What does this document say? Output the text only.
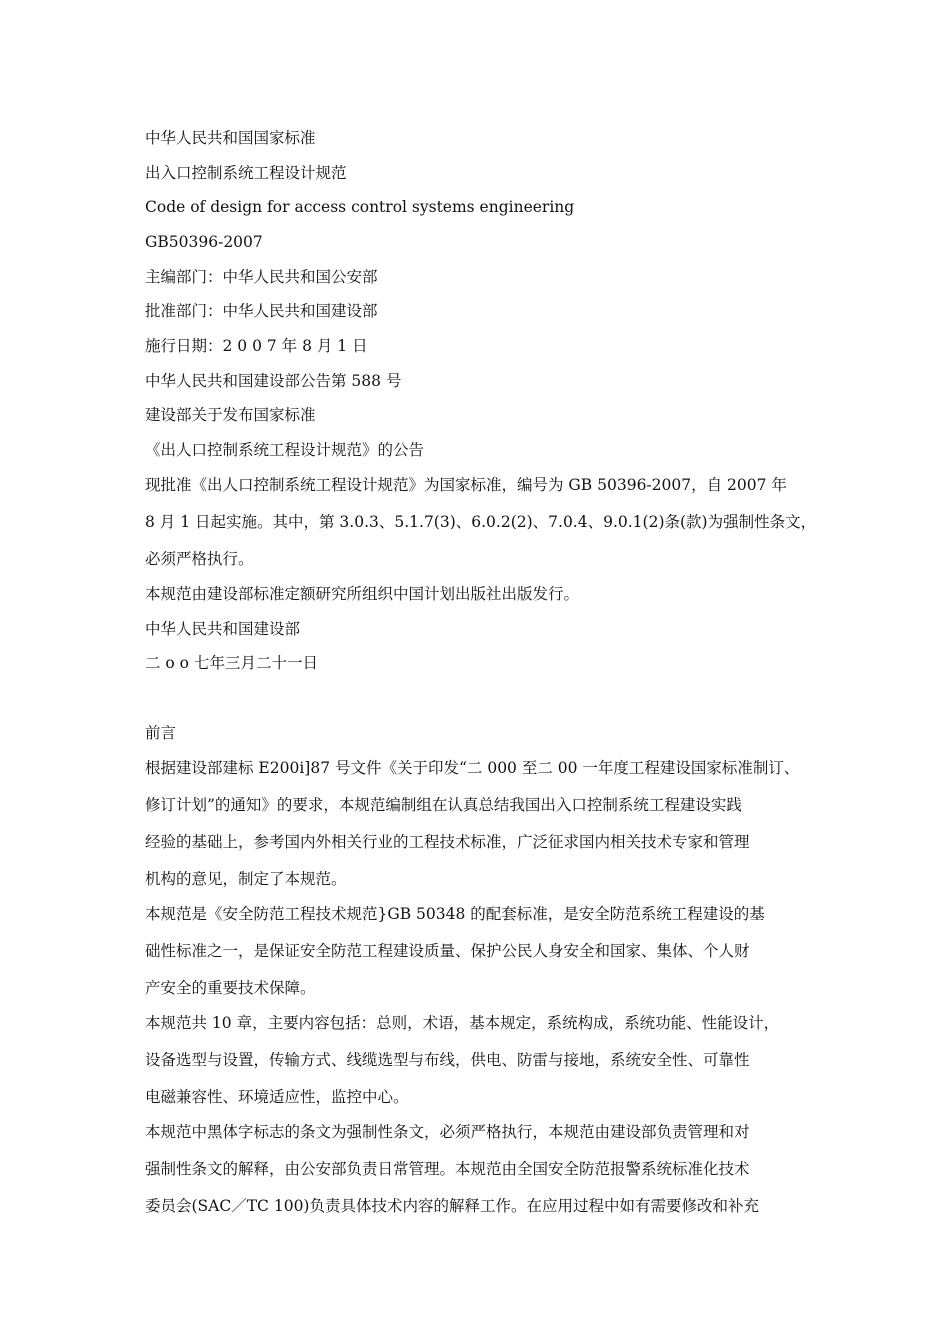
中华人民共和国国家标准
出入口控制系统工程设计规范
Code of design for access control systems engineering
GB50396-2007
主编部门：中华人民共和国公安部
批准部门：中华人民共和国建设部
施行日期：2 0 0 7 年 8 月 1 日
中华人民共和国建设部公告第 588 号
建设部关于发布国家标准
《出人口控制系统工程设计规范》的公告
现批准《出人口控制系统工程设计规范》为国家标准，编号为 GB 50396-2007，自 2007 年
8 月 1 日起实施。其中，第 3.0.3、5.1.7(3)、6.0.2(2)、7.0.4、9.0.1(2)条(款)为强制性条文，
必须严格执行。
本规范由建设部标准定额研究所组织中国计划出版社出版发行。
中华人民共和国建设部
二 o o 七年三月二十一日
前言
根据建设部建标 E200i]87 号文件《关于印发“二 000 至二 00 一年度工程建设国家标准制订、
修订计划”的通知》的要求，本规范编制组在认真总结我国出入口控制系统工程建设实践
经验的基础上，参考国内外相关行业的工程技术标准，广泛征求国内相关技术专家和管理
机构的意见，制定了本规范。
本规范是《安全防范工程技术规范}GB 50348 的配套标准，是安全防范系统工程建设的基
础性标准之一，是保证安全防范工程建设质量、保护公民人身安全和国家、集体、个人财
产安全的重要技术保障。
本规范共 10 章，主要内容包括：总则，术语，基本规定，系统构成，系统功能、性能设计，
设备选型与设置，传输方式、线缆选型与布线，供电、防雷与接地，系统安全性、可靠性
电磁兼容性、环境适应性，监控中心。
本规范中黑体字标志的条文为强制性条文，必须严格执行，本规范由建设部负责管理和对
强制性条文的解释，由公安部负责日常管理。本规范由全国安全防范报警系统标准化技术
委员会(SAC／TC 100)负责具体技术内容的解释工作。在应用过程中如有需要修改和补充
